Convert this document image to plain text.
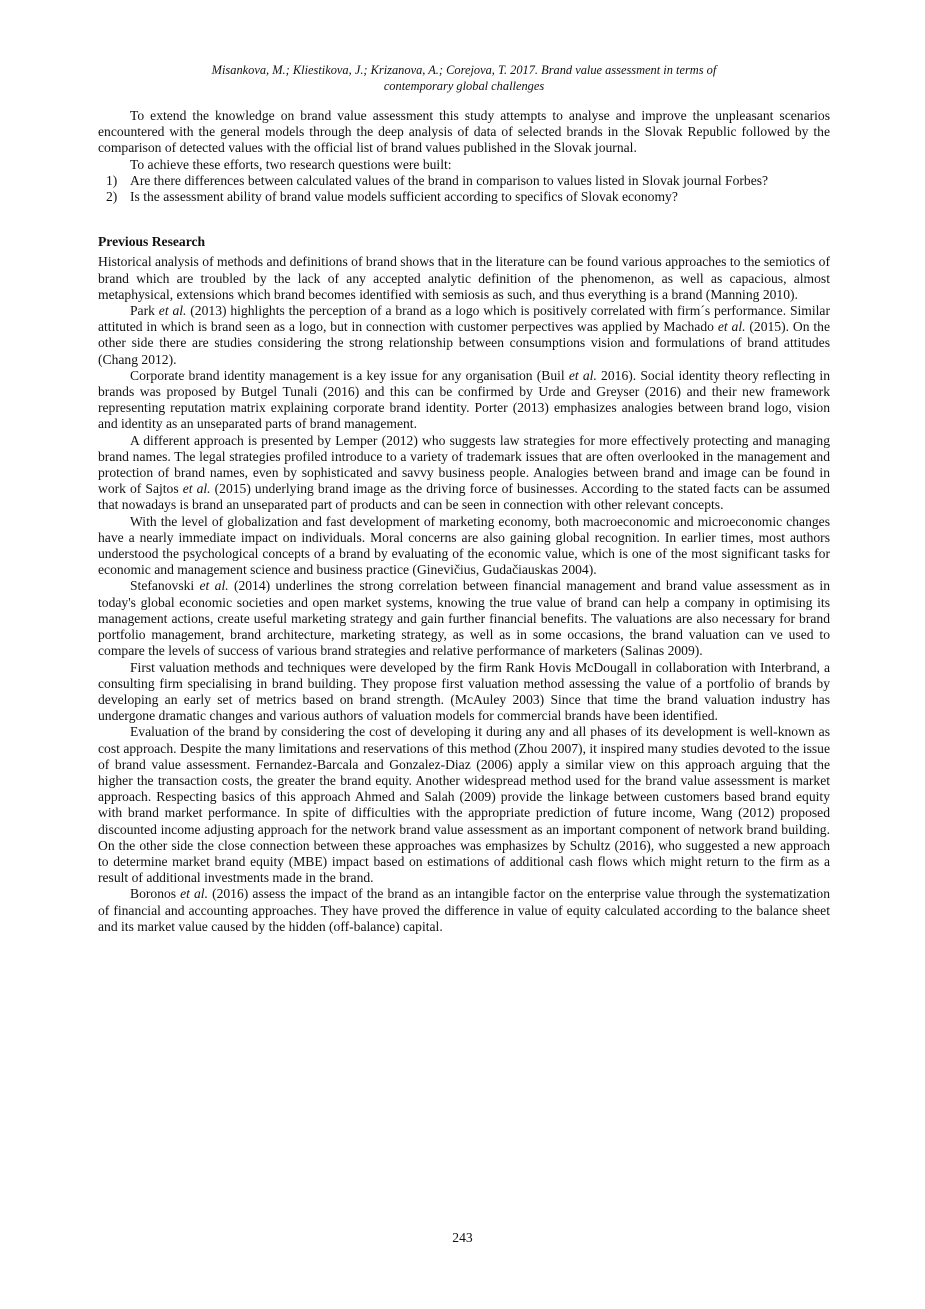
Misankova, M.; Kliestikova, J.; Krizanova, A.; Corejova, T. 2017. Brand value assessment in terms of
contemporary global challenges

To extend the knowledge on brand value assessment this study attempts to analyse and improve the unpleasant scenarios encountered with the general models through the deep analysis of data of selected brands in the Slovak Republic followed by the comparison of detected values with the official list of brand values published in the Slovak journal.

To achieve these efforts, two research questions were built:

1) Are there differences between calculated values of the brand in comparison to values listed in Slovak journal Forbes?
2) Is the assessment ability of brand value models sufficient according to specifics of Slovak economy?
Previous Research

Historical analysis of methods and definitions of brand shows that in the literature can be found various approaches to the semiotics of brand which are troubled by the lack of any accepted analytic definition of the phenomenon, as well as capacious, almost metaphysical, extensions which brand becomes identified with semiosis as such, and thus everything is a brand (Manning 2010).

Park et al. (2013) highlights the perception of a brand as a logo which is positively correlated with firm´s performance. Similar attituted in which is brand seen as a logo, but in connection with customer perpectives was applied by Machado et al. (2015). On the other side there are studies considering the strong relationship between consumptions vision and formulations of brand attitudes (Chang 2012).

Corporate brand identity management is a key issue for any organisation (Buil et al. 2016). Social identity theory reflecting in brands was proposed by Butgel Tunali (2016) and this can be confirmed by Urde and Greyser (2016) and their new framework representing reputation matrix explaining corporate brand identity. Porter (2013) emphasizes analogies between brand logo, vision and identity as an unseparated parts of brand management.

A different approach is presented by Lemper (2012) who suggests law strategies for more effectively protecting and managing brand names. The legal strategies profiled introduce to a variety of trademark issues that are often overlooked in the management and protection of brand names, even by sophisticated and savvy business people. Analogies between brand and image can be found in work of Sajtos et al. (2015) underlying brand image as the driving force of businesses. According to the stated facts can be assumed that nowadays is brand an unseparated part of products and can be seen in connection with other relevant concepts.

With the level of globalization and fast development of marketing economy, both macroeconomic and microeconomic changes have a nearly immediate impact on individuals. Moral concerns are also gaining global recognition. In earlier times, most authors understood the psychological concepts of a brand by evaluating of the economic value, which is one of the most significant tasks for economic and management science and business practice (Ginevičius, Gudačiauskas 2004).

Stefanovski et al. (2014) underlines the strong correlation between financial management and brand value assessment as in today's global economic societies and open market systems, knowing the true value of brand can help a company in optimising its management actions, create useful marketing strategy and gain further financial benefits. The valuations are also necessary for brand portfolio management, brand architecture, marketing strategy, as well as in some occasions, the brand valuation can ve used to compare the levels of success of various brand strategies and relative performance of marketers (Salinas 2009).

First valuation methods and techniques were developed by the firm Rank Hovis McDougall in collaboration with Interbrand, a consulting firm specialising in brand building. They propose first valuation method assessing the value of a portfolio of brands by developing an early set of metrics based on brand strength. (McAuley 2003) Since that time the brand valuation industry has undergone dramatic changes and various authors of valuation models for commercial brands have been identified.

Evaluation of the brand by considering the cost of developing it during any and all phases of its development is well-known as cost approach. Despite the many limitations and reservations of this method (Zhou 2007), it inspired many studies devoted to the issue of brand value assessment. Fernandez-Barcala and Gonzalez-Diaz (2006) apply a similar view on this approach arguing that the higher the transaction costs, the greater the brand equity. Another widespread method used for the brand value assessment is market approach. Respecting basics of this approach Ahmed and Salah (2009) provide the linkage between customers based brand equity with brand market performance. In spite of difficulties with the appropriate prediction of future income, Wang (2012) proposed discounted income adjusting approach for the network brand value assessment as an important component of network brand building. On the other side the close connection between these approaches was emphasizes by Schultz (2016), who suggested a new approach to determine market brand equity (MBE) impact based on estimations of additional cash flows which might return to the firm as a result of additional investments made in the brand.

Boronos et al. (2016) assess the impact of the brand as an intangible factor on the enterprise value through the systematization of financial and accounting approaches. They have proved the difference in value of equity calculated according to the balance sheet and its market value caused by the hidden (off-balance) capital.

243
